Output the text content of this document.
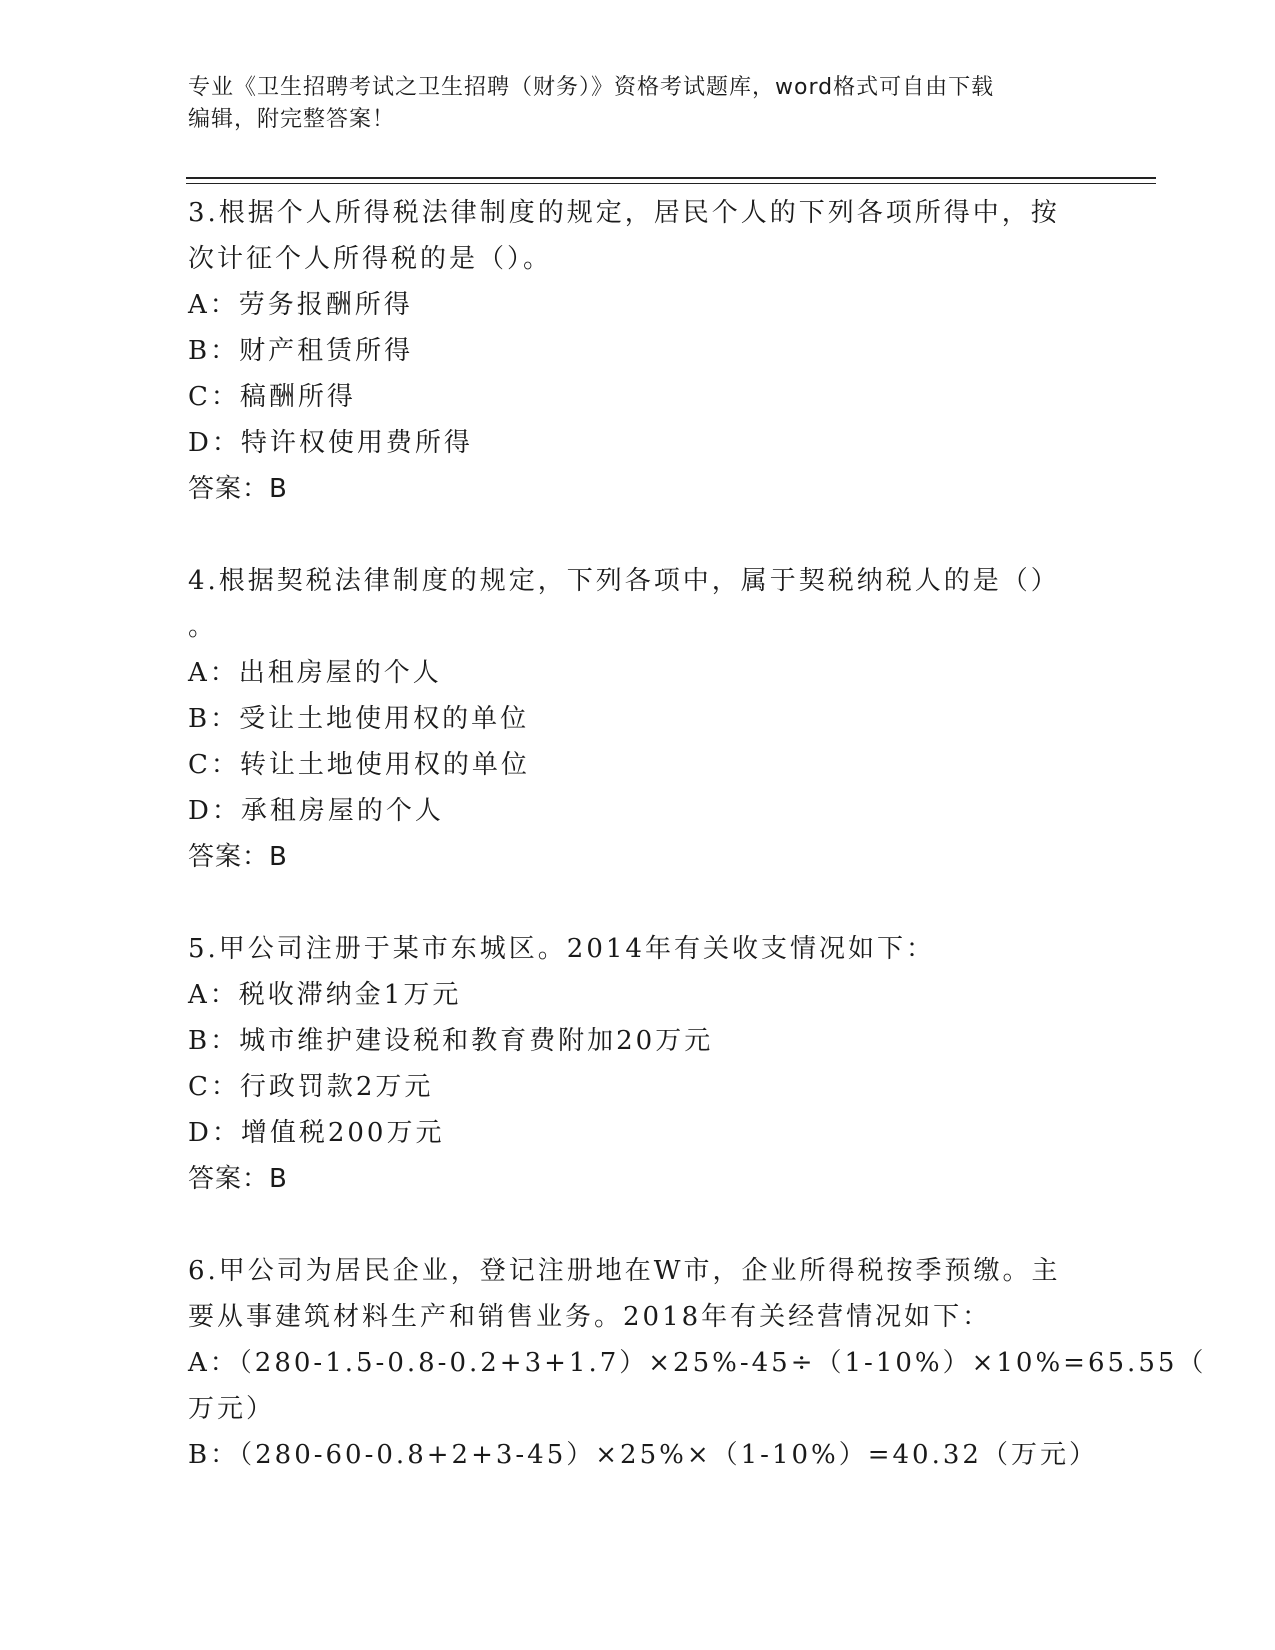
专业《卫生招聘考试之卫生招聘（财务）》资格考试题库，word格式可自由下载
编辑，附完整答案！
3.根据个人所得税法律制度的规定，居民个人的下列各项所得中，按
次计征个人所得税的是（）。
A：劳务报酬所得
B：财产租赁所得
C：稿酬所得
D：特许权使用费所得
答案：B
4.根据契税法律制度的规定，下列各项中，属于契税纳税人的是（）
。
A：出租房屋的个人
B：受让土地使用权的单位
C：转让土地使用权的单位
D：承租房屋的个人
答案：B
5.甲公司注册于某市东城区。2014年有关收支情况如下：
A：税收滞纳金1万元
B：城市维护建设税和教育费附加20万元
C：行政罚款2万元
D：增值税200万元
答案：B
6.甲公司为居民企业，登记注册地在W市，企业所得税按季预缴。主
要从事建筑材料生产和销售业务。2018年有关经营情况如下：
A：（280-1.5-0.8-0.2+3+1.7）×25%-45÷（1-10%）×10%=65.55（
万元）
B：（280-60-0.8+2+3-45）×25%×（1-10%）=40.32（万元）
